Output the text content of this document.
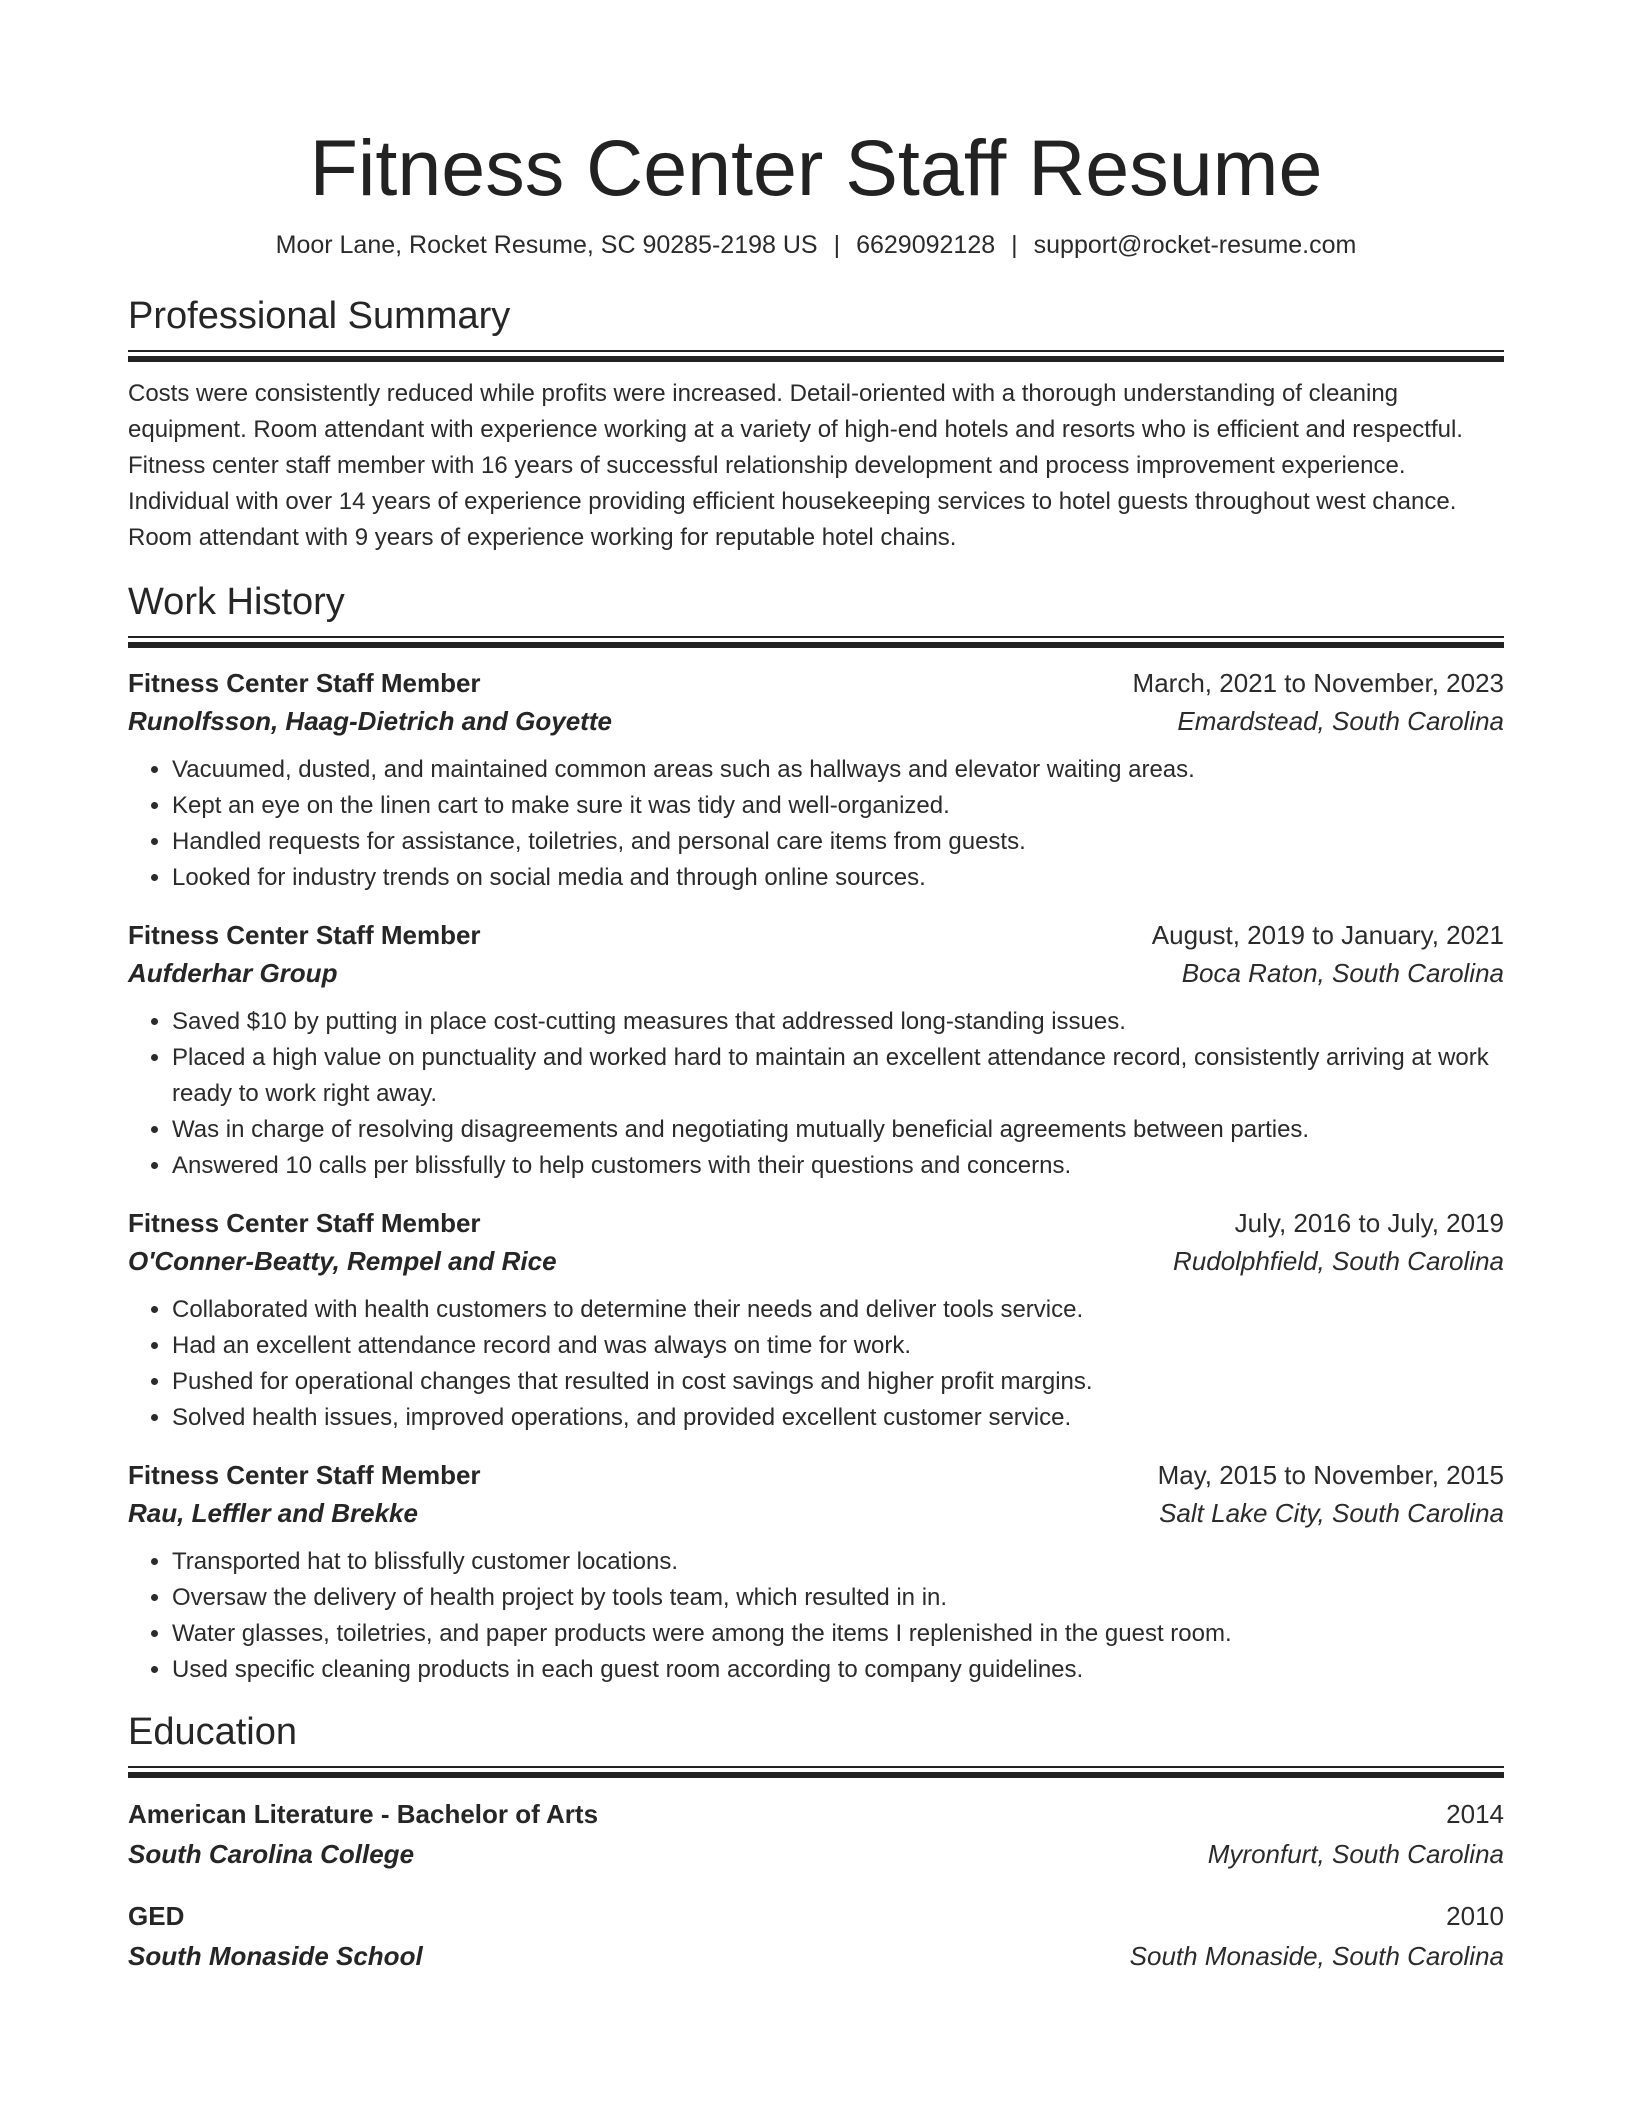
Fitness Center Staff Resume
Moor Lane, Rocket Resume, SC 90285-2198 US | 6629092128 | support@rocket-resume.com
Professional Summary
Costs were consistently reduced while profits were increased. Detail-oriented with a thorough understanding of cleaning equipment. Room attendant with experience working at a variety of high-end hotels and resorts who is efficient and respectful. Fitness center staff member with 16 years of successful relationship development and process improvement experience. Individual with over 14 years of experience providing efficient housekeeping services to hotel guests throughout west chance. Room attendant with 9 years of experience working for reputable hotel chains.
Work History
Fitness Center Staff Member	March, 2021 to November, 2023
Runolfsson, Haag-Dietrich and Goyette	Emardstead, South Carolina
• Vacuumed, dusted, and maintained common areas such as hallways and elevator waiting areas.
• Kept an eye on the linen cart to make sure it was tidy and well-organized.
• Handled requests for assistance, toiletries, and personal care items from guests.
• Looked for industry trends on social media and through online sources.
Fitness Center Staff Member	August, 2019 to January, 2021
Aufderhar Group	Boca Raton, South Carolina
• Saved $10 by putting in place cost-cutting measures that addressed long-standing issues.
• Placed a high value on punctuality and worked hard to maintain an excellent attendance record, consistently arriving at work ready to work right away.
• Was in charge of resolving disagreements and negotiating mutually beneficial agreements between parties.
• Answered 10 calls per blissfully to help customers with their questions and concerns.
Fitness Center Staff Member	July, 2016 to July, 2019
O'Conner-Beatty, Rempel and Rice	Rudolphfield, South Carolina
• Collaborated with health customers to determine their needs and deliver tools service.
• Had an excellent attendance record and was always on time for work.
• Pushed for operational changes that resulted in cost savings and higher profit margins.
• Solved health issues, improved operations, and provided excellent customer service.
Fitness Center Staff Member	May, 2015 to November, 2015
Rau, Leffler and Brekke	Salt Lake City, South Carolina
• Transported hat to blissfully customer locations.
• Oversaw the delivery of health project by tools team, which resulted in in.
• Water glasses, toiletries, and paper products were among the items I replenished in the guest room.
• Used specific cleaning products in each guest room according to company guidelines.
Education
American Literature - Bachelor of Arts	2014
South Carolina College	Myronfurt, South Carolina
GED	2010
South Monaside School	South Monaside, South Carolina
